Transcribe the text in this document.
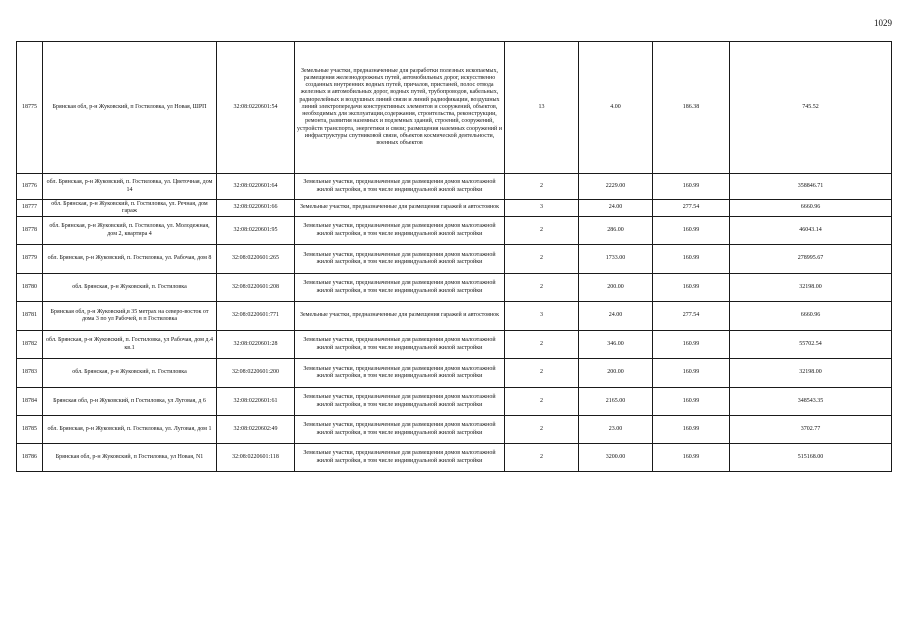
1029
18775	Брянская обл, р-н Жуковский, п Гостиловка, ул Новая, ШРП	32:08:0220601:54	Земельные участки, предназначенные для разработки полезных ископаемых, размещения железнодорожных путей, автомобильных дорог, искусственно созданных внутренних водных путей, причалов, пристаней, полос отвода железных и автомобильных дорог, водных путей, трубопроводов, кабельных, радиорелейных и воздушных линий связи и линий радиофикации, воздушных линий электропередачи конструктивных элементов и сооружений, объектов, необходимых для эксплуатации,содержания, строительства, реконструкции, ремонта, развития наземных и подземных зданий, строений, сооружений, устройств транспорта, энергетики и связи; размещения наземных сооружений и инфраструктуры спутниковой связи, объектов космической деятельности, военных объектов	13	4.00	186.38	745.52
18776	обл. Брянская, р-н Жуковский, п. Гостиловка, ул. Цветочная, дом 14	32:08:0220601:64	Земельные участки, предназначенные для размещения домов малоэтажной жилой застройки, в том числе индивидуальной жилой застройки	2	2229.00	160.99	358846.71
18777	обл. Брянская, р-н Жуковский, п. Гостиловка, ул. Речная, дом гараж	32:08:0220601:66	Земельные участки, предназначенные для размещения гаражей и автостоянок	3	24.00	277.54	6660.96
18778	обл. Брянская, р-н Жуковский, п. Гостиловка, ул. Молодежная, дом 2, квартира 4	32:08:0220601:95	Земельные участки, предназначенные для размещения домов малоэтажной жилой застройки, в том числе индивидуальной жилой застройки	2	286.00	160.99	46043.14
18779	обл. Брянская, р-н Жуковский, п. Гостиловка, ул. Рабочая, дом 8	32:08:0220601:265	Земельные участки, предназначенные для размещения домов малоэтажной жилой застройки, в том числе индивидуальной жилой застройки	2	1733.00	160.99	278995.67
18780	обл. Брянская, р-н Жуковский, п. Гостиловка	32:08:0220601:208	Земельные участки, предназначенные для размещения домов малоэтажной жилой застройки, в том числе индивидуальной жилой застройки	2	200.00	160.99	32198.00
18781	Брянская обл, р-н Жуковский,в 35 метрах на северо-восток от дома 3 по ул Рабочей, в п Гостиловка	32:08:0220601:771	Земельные участки, предназначенные для размещения гаражей и автостоянок	3	24.00	277.54	6660.96
18782	обл. Брянская, р-н Жуковский, п. Гостиловка, ул Рабочая, дом д.4 кв.1	32:08:0220601:28	Земельные участки, предназначенные для размещения домов малоэтажной жилой застройки, в том числе индивидуальной жилой застройки	2	346.00	160.99	55702.54
18783	обл. Брянская, р-н Жуковский, п. Гостиловка	32:08:0220601:200	Земельные участки, предназначенные для размещения домов малоэтажной жилой застройки, в том числе индивидуальной жилой застройки	2	200.00	160.99	32198.00
18784	Брянская обл, р-н Жуковский, п Гостиловка, ул Луговая, д 6	32:08:0220601:61	Земельные участки, предназначенные для размещения домов малоэтажной жилой застройки, в том числе индивидуальной жилой застройки	2	2165.00	160.99	348543.35
18785	обл. Брянская, р-н Жуковский, п. Гостиловка, ул. Луговая, дом 1	32:08:0220602:49	Земельные участки, предназначенные для размещения домов малоэтажной жилой застройки, в том числе индивидуальной жилой застройки	2	23.00	160.99	3702.77
18786	Брянская обл, р-н Жуковский, п Гостиловка, ул Новая, N1	32:08:0220601:118	Земельные участки, предназначенные для размещения домов малоэтажной жилой застройки, в том числе индивидуальной жилой застройки	2	3200.00	160.99	515168.00
